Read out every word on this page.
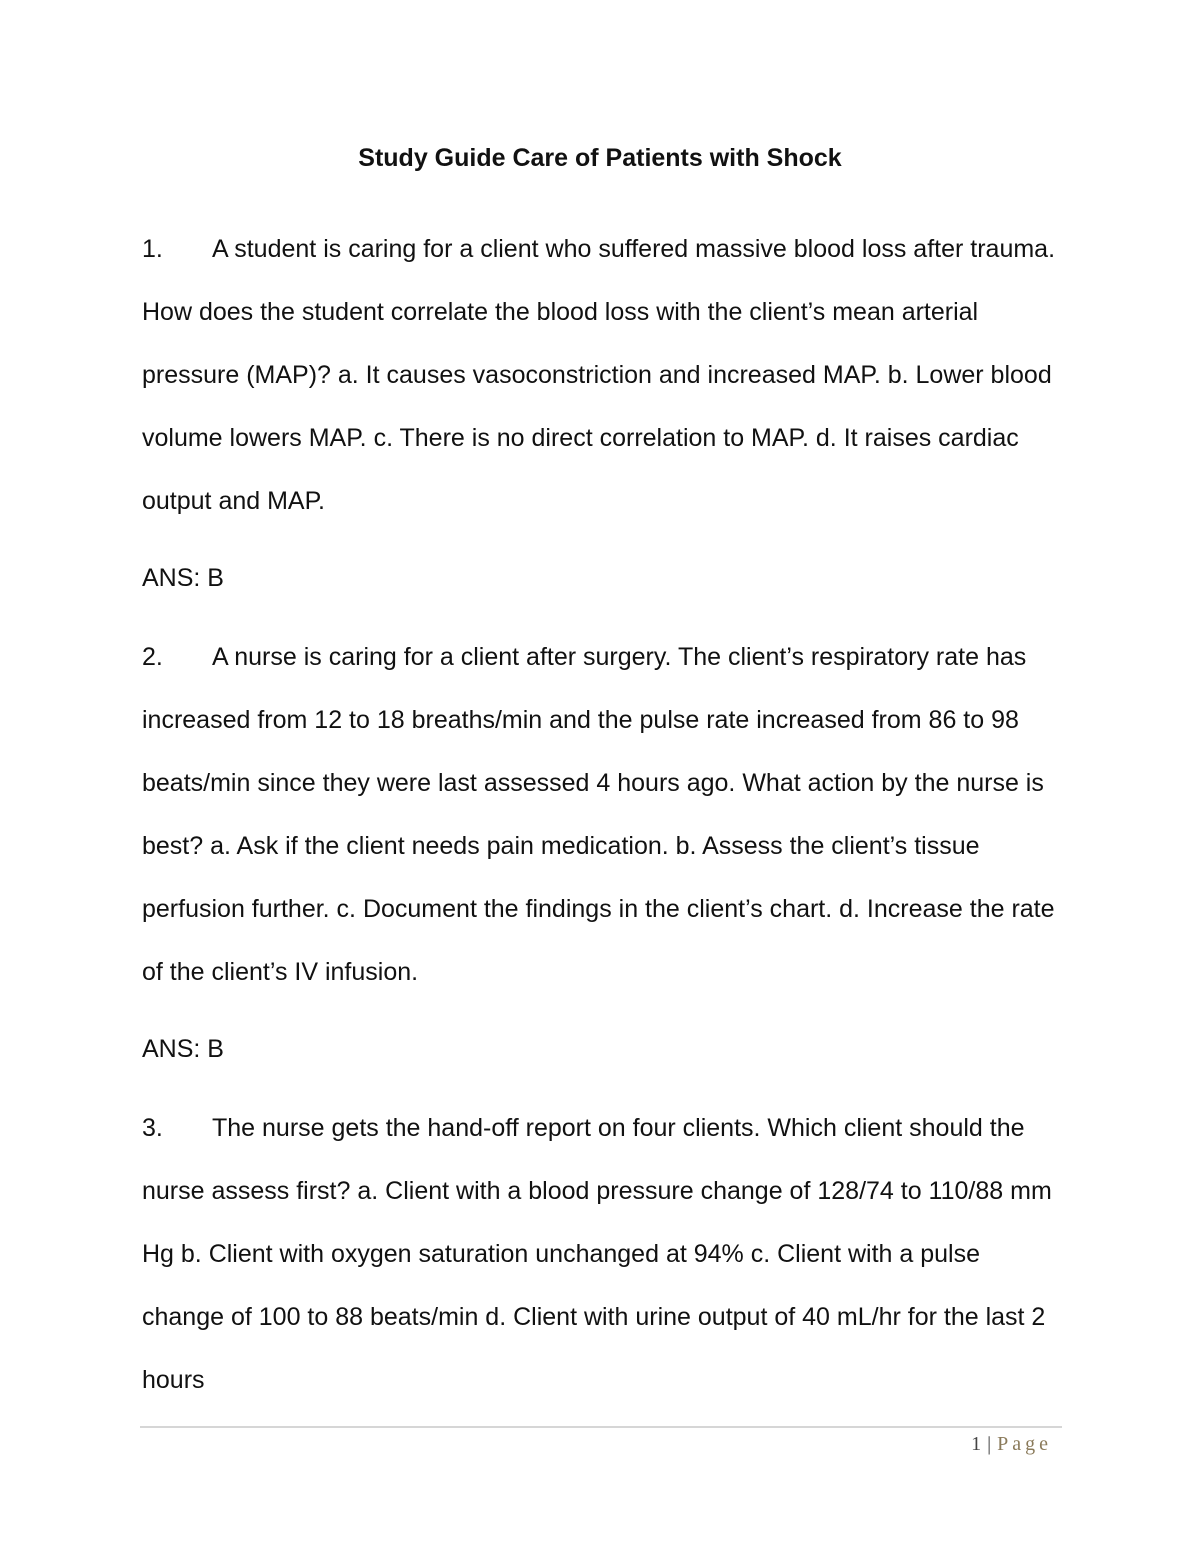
Study Guide Care of Patients with Shock

1. A student is caring for a client who suffered massive blood loss after trauma. How does the student correlate the blood loss with the client’s mean arterial pressure (MAP)? a. It causes vasoconstriction and increased MAP. b. Lower blood volume lowers MAP. c. There is no direct correlation to MAP. d. It raises cardiac output and MAP.

ANS: B

2. A nurse is caring for a client after surgery. The client’s respiratory rate has increased from 12 to 18 breaths/min and the pulse rate increased from 86 to 98 beats/min since they were last assessed 4 hours ago. What action by the nurse is best? a. Ask if the client needs pain medication. b. Assess the client’s tissue perfusion further. c. Document the findings in the client’s chart. d. Increase the rate of the client’s IV infusion.

ANS: B

3. The nurse gets the hand-off report on four clients. Which client should the nurse assess first? a. Client with a blood pressure change of 128/74 to 110/88 mm Hg b. Client with oxygen saturation unchanged at 94% c. Client with a pulse change of 100 to 88 beats/min d. Client with urine output of 40 mL/hr for the last 2 hours

1 | Page
